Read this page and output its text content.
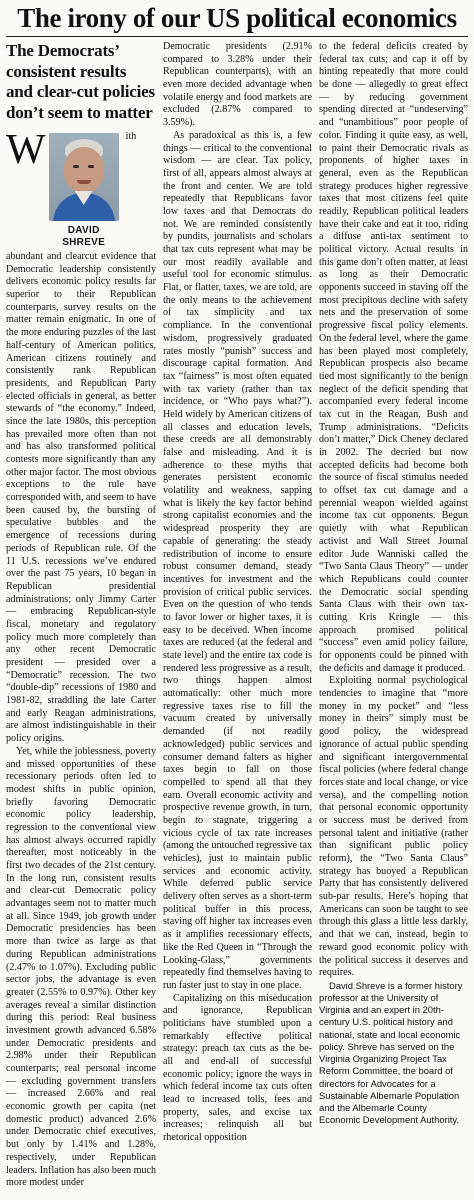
The irony of our US political economics
The Democrats’ consistent results and clear-cut policies don’t seem to matter

W
DAVID
SHREVE
ith abundant and clearcut evidence that Democratic leadership consistently delivers economic policy results far superior to their Republican counterparts, survey results on the matter remain enigmatic. In one of the more enduring puzzles of the last half-century of American politics, American citizens routinely and consistently rank Republican presidents, and Republican Party elected officials in general, as better stewards of “the economy.” Indeed, since the late 1980s, this perception has prevailed more often than not and has also transformed political contests more significantly than any other major factor. The most obvious exceptions to the rule have corresponded with, and seem to have been caused by, the bursting of speculative bubbles and the emergence of recessions during periods of Republican rule. Of the 11 U.S. recessions we’ve endured over the past 75 years, 10 began in Republican presidential administrations; only Jimmy Carter — embracing Republican-style fiscal, monetary and regulatory policy much more completely than any other recent Democratic president — presided over a “Democratic” recession. The two “double-dip” recessions of 1980 and 1981-82, straddling the late Carter and early Reagan administrations, are almost indistinguishable in their policy origins.

Yet, while the joblessness, poverty and missed opportunities of these recessionary periods often led to modest shifts in public opinion, briefly favoring Democratic economic policy leadership, regression to the conventional view has almost always occurred rapidly thereafter, most noticeably in the first two decades of the 21st century. In the long run, consistent results and clear-cut Democratic policy advantages seem not to matter much at all. Since 1949, job growth under Democratic presidencies has been more than twice as large as that during Republican administrations (2.47% to 1.07%). Excluding public sector jobs, the advantage is even greater (2.55% to 0.97%). Other key averages reveal a similar distinction during this period: Real business investment growth advanced 6.58% under Democratic presidents and 2.98% under their Republican counterparts; real personal income — excluding government transfers — increased 2.66% and real economic growth per capita (net domestic product) advanced 2.6% under Democratic chief executives, but only by 1.41% and 1.28%, respectively, under Republican leaders. Inflation has also been much more modest under

Democratic presidents (2.91% compared to 3.28% under their Republican counterparts), with an even more decided advantage when volatile energy and food markets are excluded (2.87% compared to 3.59%).

As paradoxical as this is, a few things — critical to the conventional wisdom — are clear. Tax policy, first of all, appears almost always at the front and center. We are told repeatedly that Republicans favor low taxes and that Democrats do not. We are reminded consistently by pundits, journalists and scholars that tax cuts represent what may be our most readily available and useful tool for economic stimulus. Flat, or flatter, taxes, we are told, are the only means to the achievement of tax simplicity and tax compliance. In the conventional wisdom, progressively graduated rates mostly “punish” success and discourage capital formation. And tax “fairness” is most often equated with tax variety (rather than tax incidence, or “Who pays what?”). Held widely by American citizens of all classes and education levels, these creeds are all demonstrably false and misleading. And it is adherence to these myths that generates persistent economic volatility and weakness, sapping what is likely the key factor behind strong capitalist economies and the widespread prosperity they are capable of generating: the steady redistribution of income to ensure robust consumer demand, steady incentives for investment and the provision of critical public services. Even on the question of who tends to favor lower or higher taxes, it is easy to be deceived. When income taxes are reduced (at the federal and state level) and the entire tax code is rendered less progressive as a result, two things happen almost automatically: other much more regressive taxes rise to fill the vacuum created by universally demanded (if not readily acknowledged) public services and consumer demand falters as higher taxes begin to fall on those compelled to spend all that they earn. Overall economic activity and prospective revenue growth, in turn, begin to stagnate, triggering a vicious cycle of tax rate increases (among the untouched regressive tax vehicles), just to maintain public services and economic activity. While deferred public service delivery often serves as a short-term political buffer in this process, staving off higher tax increases even as it amplifies recessionary effects, like the Red Queen in “Through the Looking-Glass,” governments repeatedly find themselves having to run faster just to stay in one place.

Capitalizing on this miseducation and ignorance, Republican politicians have stumbled upon a remarkably effective political strategy: preach tax cuts as the be-all and end-all of successful economic policy; ignore the ways in which federal income tax cuts often lead to increased tolls, fees and property, sales, and excise tax increases; relinquish all but rhetorical opposition

to the federal deficits created by federal tax cuts; and cap it off by hinting repeatedly that more could be done — allegedly to great effect — by reducing government spending directed at “undeserving” and “unambitious” poor people of color. Finding it quite easy, as well, to paint their Democratic rivals as proponents of higher taxes in general, even as the Republican strategy produces higher regressive taxes that most citizens feel quite readily, Republican political leaders have their cake and eat it too, riding a diffuse anti-tax sentiment to political victory. Actual results in this game don’t often matter, at least as long as their Democratic opponents succeed in staving off the most precipitous decline with safety nets and the preservation of some progressive fiscal policy elements. On the federal level, where the game has been played most completely, Republican prospects also became tied most significantly to the benign neglect of the deficit spending that accompanied every federal income tax cut in the Reagan, Bush and Trump administrations. “Deficits don’t matter,” Dick Cheney declared in 2002. The decried but now accepted deficits had become both the source of fiscal stimulus needed to offset tax cut damage and a perennial weapon wielded against income tax cut opponents. Begun quietly with what Republican activist and Wall Street Journal editor Jude Wanniski called the “Two Santa Claus Theory” — under which Republicans could counter the Democratic social spending Santa Claus with their own tax-cutting Kris Kringle — this approach promised political “success” even amid policy failure, for opponents could be pinned with the deficits and damage it produced.

Exploiting normal psychological tendencies to imagine that “more money in my pocket” and “less money in theirs” simply must be good policy, the widespread ignorance of actual public spending and significant intergovernmental fiscal policies (where federal change forces state and local change, or vice versa), and the compelling notion that personal economic opportunity or success must be derived from personal talent and initiative (rather than significant public policy reform), the “Two Santa Claus” strategy has buoyed a Republican Party that has consistently delivered sub-par results. Here’s hoping that Americans can soon be taught to see through this glass a little less darkly, and that we can, instead, begin to reward good economic policy with the political success it deserves and requires.

David Shreve is a former history professor at the University of Virginia and an expert in 20th-century U.S. political history and national, state and local economic policy. Shreve has served on the Virginia Organizing Project Tax Reform Committee, the board of directors for Advocates for a Sustainable Albemarle Population and the Albemarle County Economic Development Authority.
